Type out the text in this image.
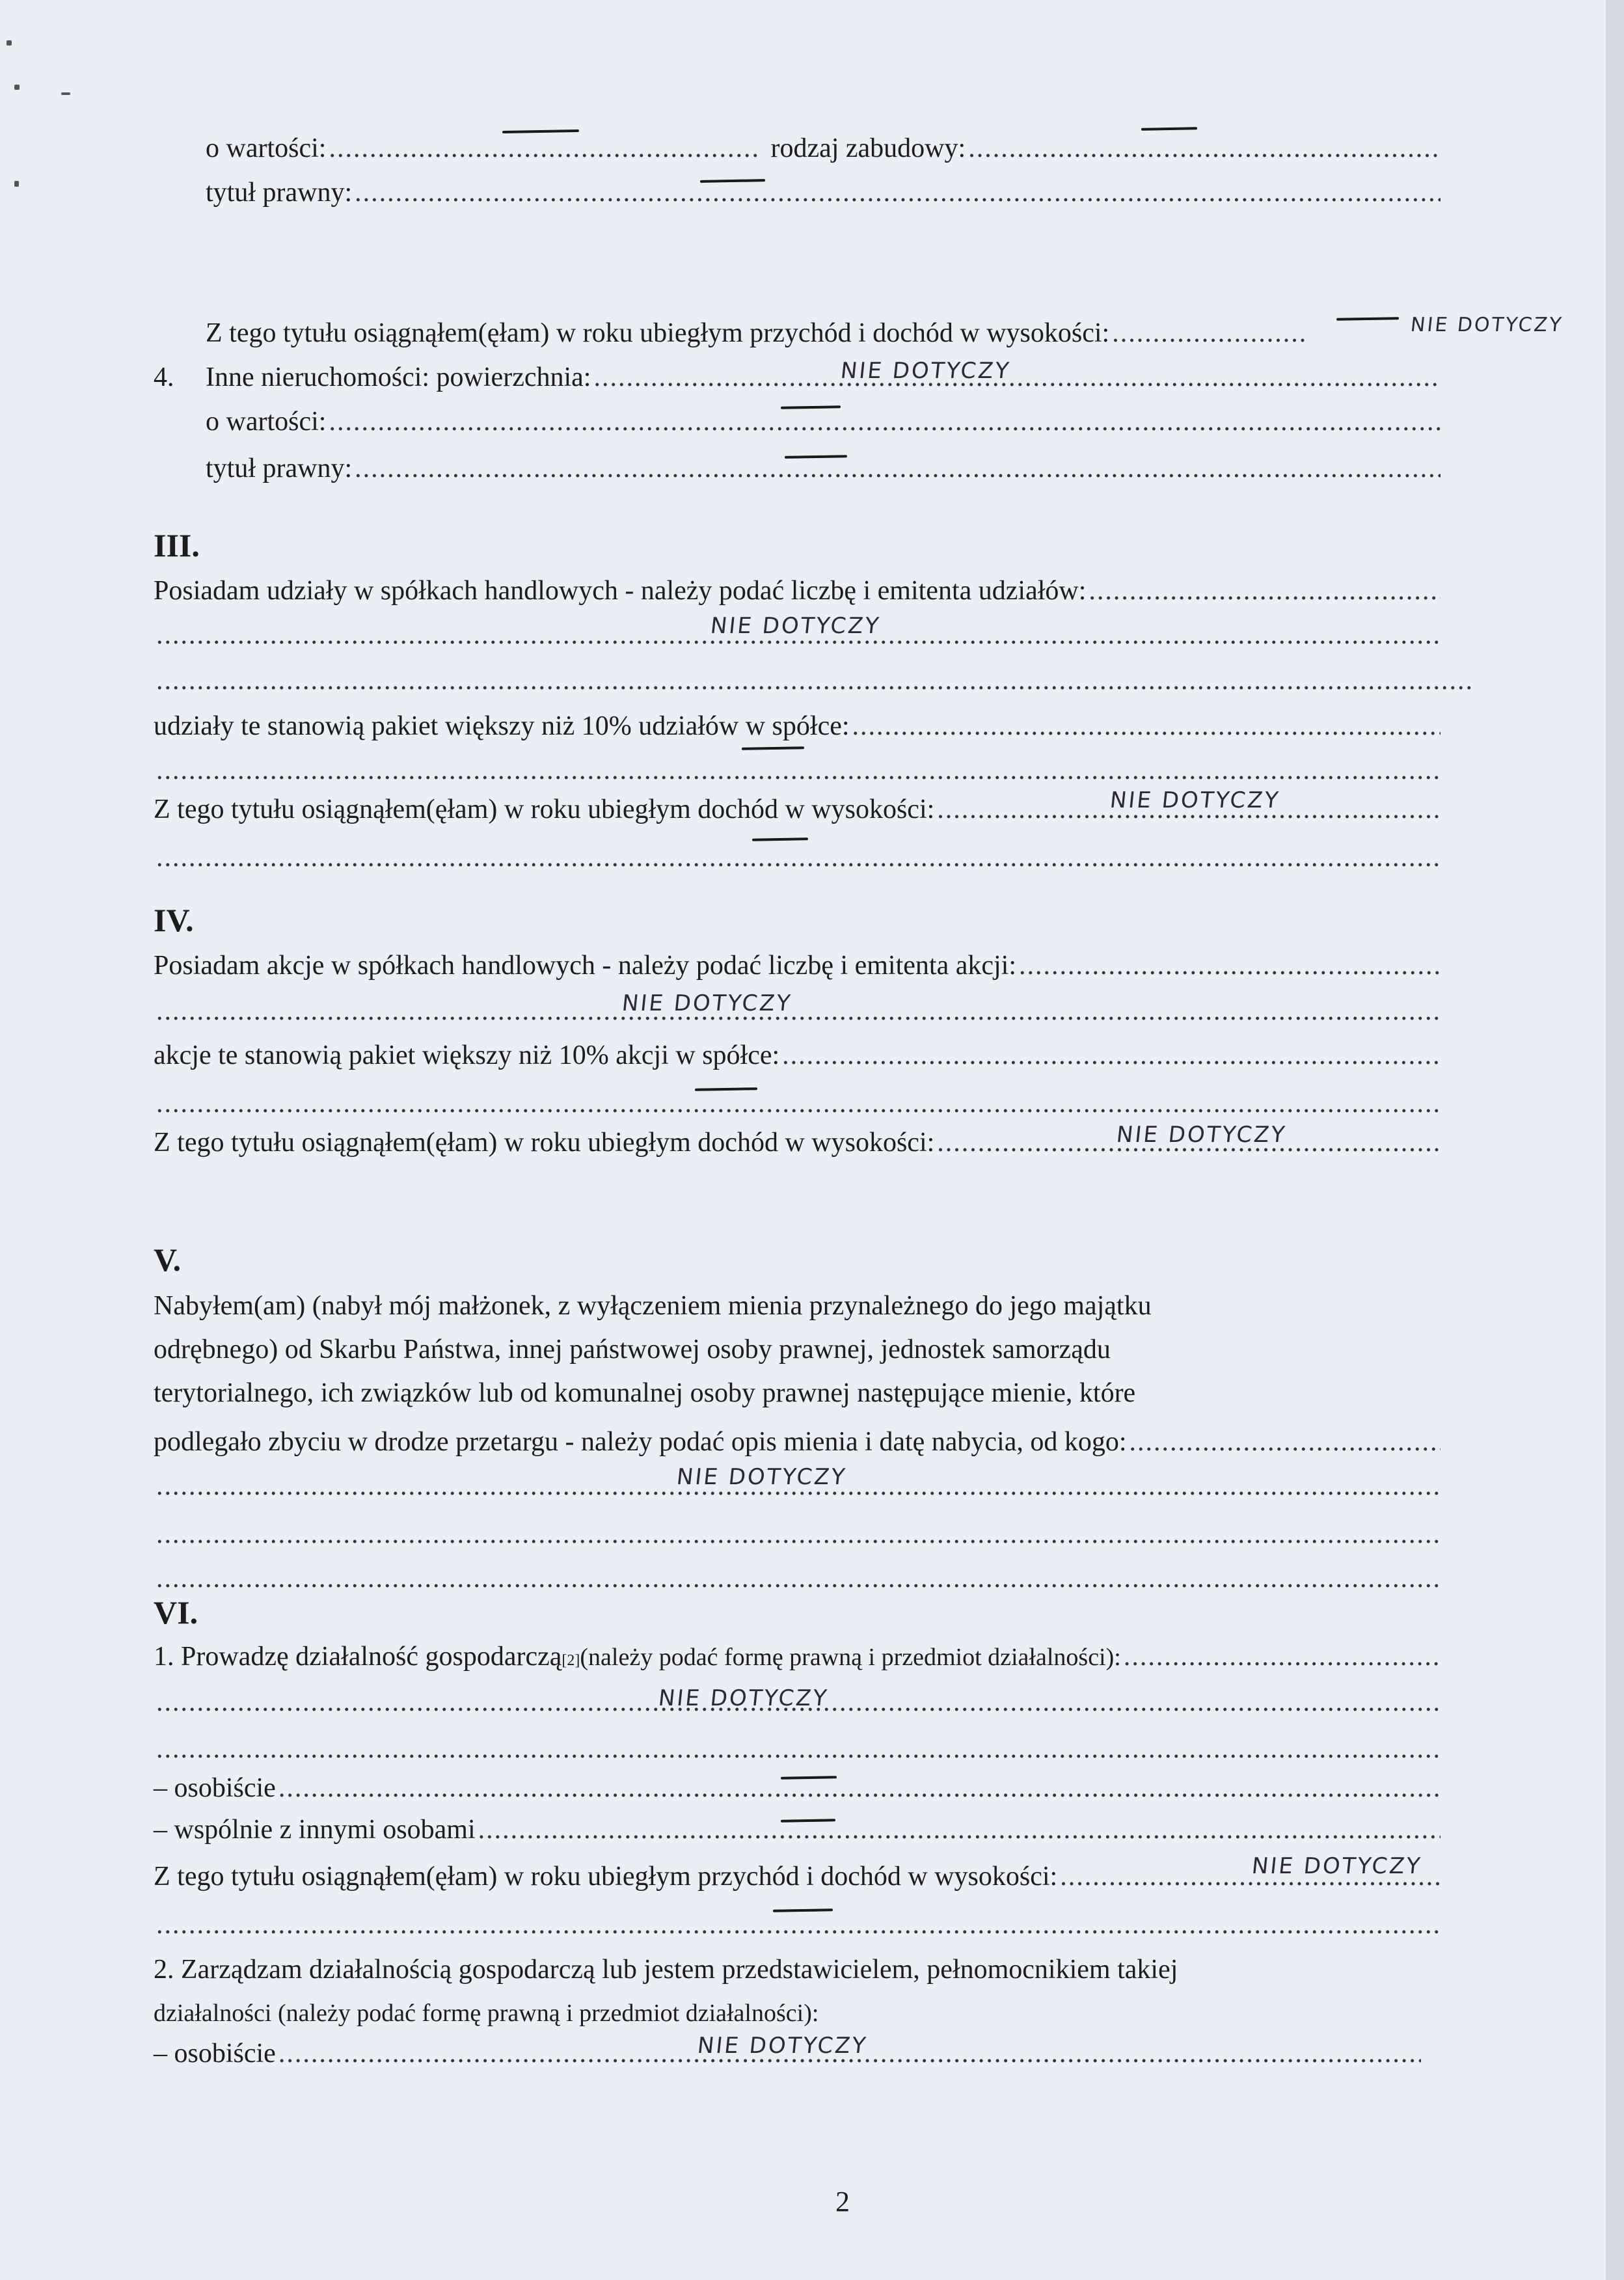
o wartości: .....	rodzaj zabudowy:
.....
tytuł prawny:
.....
Z tego tytułu osiągnąłem(ęłam) w roku ubiegłym przychód i dochód w wysokości: .....	NIE DOTYCZY
4.	Inne nieruchomości: powierzchnia: .....	NIE DOTYCZY
o wartości:
.....
tytuł prawny:
.....
III.
Posiadam udziały w spółkach handlowych - należy podać liczbę i emitenta udziałów:
.....
.....
NIE DOTYCZY
.....
udziały te stanowią pakiet większy niż 10% udziałów w spółce:
.....
.....
Z tego tytułu osiągnąłem(ęłam) w roku ubiegłym dochód w wysokości: .....	NIE DOTYCZY
.....
IV.
Posiadam akcje w spółkach handlowych - należy podać liczbę i emitenta akcji:
.....
.....
NIE DOTYCZY
akcje te stanowią pakiet większy niż 10% akcji w spółce:
.....
.....
Z tego tytułu osiągnąłem(ęłam) w roku ubiegłym dochód w wysokości: .....	NIE DOTYCZY
V.
Nabyłem(am) (nabył mój małżonek, z wyłączeniem mienia przynależnego do jego majątku
odrębnego) od Skarbu Państwa, innej państwowej osoby prawnej, jednostek samorządu
terytorialnego, ich związków lub od komunalnej osoby prawnej następujące mienie, które
podlegało zbyciu w drodze przetargu - należy podać opis mienia i datę nabycia, od kogo:
.....
.....
NIE DOTYCZY
.....
.....
VI.
1. Prowadzę działalność gospodarczą [2] (należy podać formę prawną i przedmiot działalności):
.....
.....
NIE DOTYCZY
.....
– osobiście
.....
– wspólnie z innymi osobami
.....
Z tego tytułu osiągnąłem(ęłam) w roku ubiegłym przychód i dochód w wysokości: .....	NIE DOTYCZY
.....
2. Zarządzam działalnością gospodarczą lub jestem przedstawicielem, pełnomocnikiem takiej
działalności (należy podać formę prawną i przedmiot działalności):
– osobiście .....	NIE DOTYCZY
2
